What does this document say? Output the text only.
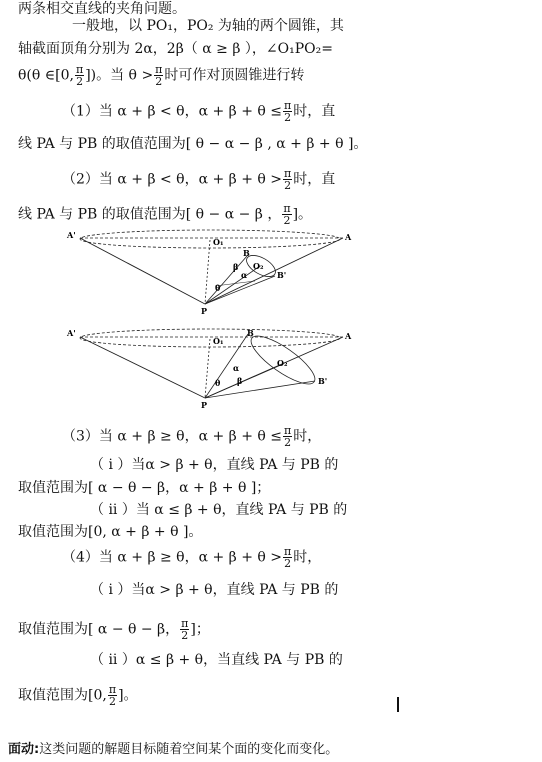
两条相交直线的夹角问题。
一般地，以 PO₁，PO₂ 为轴的两个圆锥，其
轴截面顶角分别为 2α，2β（ α ≥ β ），∠O₁PO₂=
θ(θ ∈[0, $\frac{\pi}{2}$ ])。当 $\theta > \frac{\pi}{2}$ 时可作对顶圆锥进行转
（1）当 α + β < θ，$\alpha + \beta + \theta \le \frac{\pi}{2}$ 时，直
线 PA 与 PB 的取值范围为[ θ − α − β , α + β + θ ]。
（2）当 α + β < θ，$\alpha + \beta + \theta > \frac{\pi}{2}$ 时，直
线 PA 与 PB 的取值范围为[ θ − α − β ， $\frac{\pi}{2}$ ]。
A'	A
O₁
B
O₂
B'
β
α
θ
P
A'	A
O₁
B
O₂
B'
α
θ β
P
（3）当 α + β ≥ θ，$\alpha + \beta + \theta \le \frac{\pi}{2}$ 时，
（ i ）当α > β + θ，直线 PA 与 PB 的
取值范围为[ α − θ − β，α + β + θ ]；
（ ii ）当 α ≤ β + θ，直线 PA 与 PB 的
取值范围为[0, α + β + θ ]。
（4）当 α + β ≥ θ，$\alpha + \beta + \theta > \frac{\pi}{2}$ 时，
（ i ）当α > β + θ，直线 PA 与 PB 的
取值范围为[ α − θ − β， $\frac{\pi}{2}$ ]；
（ ii ）α ≤ β + θ，当直线 PA 与 PB 的
取值范围为[0, $\frac{\pi}{2}$ ]。
面动:这类问题的解题目标随着空间某个面的变化而变化。
